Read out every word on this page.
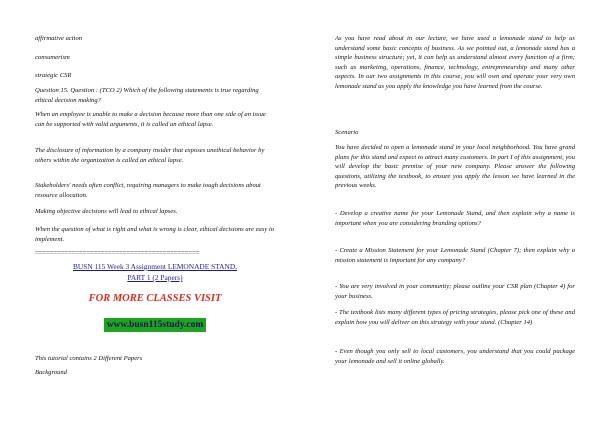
affirmative action

consumerism

strategic CSR

Question 15. Question : (TCO 2) Which of the following statements is true regarding ethical decision making?

When an employee is unable to make a decision because more than one side of an issue can be supported with valid arguments, it is called an ethical lapse.

The disclosure of information by a company insider that exposes unethical behavior by others within the organization is called an ethical lapse.

Stakeholders' needs often conflict, requiring managers to make tough decisions about resource allocation.

Making objective decisions will lead to ethical lapses.

When the question of what is right and what is wrong is clear, ethical decisions are easy to implement.

=============================================

BUSN 115 Week 3 Assignment LEMONADE STAND,

PART 1 (2 Papers)

FOR MORE CLASSES VISIT

www.busn115study.com

This tutorial contains 2 Different Papers

Background

As you have read about in our lecture, we have used a lemonade stand to help us understand some basic concepts of business. As we pointed out, a lemonade stand has a simple business structure; yet, it can help us understand almost every function of a firm; such as marketing, operations, finance, technology, entrepreneurship and many other aspects. In our two assignments in this course, you will own and operate your very own lemonade stand as you apply the knowledge you have learned from the course.

Scenario

You have decided to open a lemonade stand in your local neighborhood. You have grand plans for this stand and expect to attract many customers. In part I of this assignment, you will develop the basic premise of your new company. Please answer the following questions, utilizing the textbook, to ensure you apply the lesson we have learned in the previous weeks.

- Develop a creative name for your Lemonade Stand, and then explain why a name is important when you are considering branding options?

- Create a Mission Statement for your Lemonade Stand (Chapter 7); then explain why a mission statement is important for any company?

- You are very involved in your community; please outline your CSR plan (Chapter 4) for your business.

- The textbook lists many different types of pricing strategies, please pick one of these and explain how you will deliver on this strategy with your stand. (Chapter 14)

- Even though you only sell to local customers, you understand that you could package your lemonade and sell it online globally.
